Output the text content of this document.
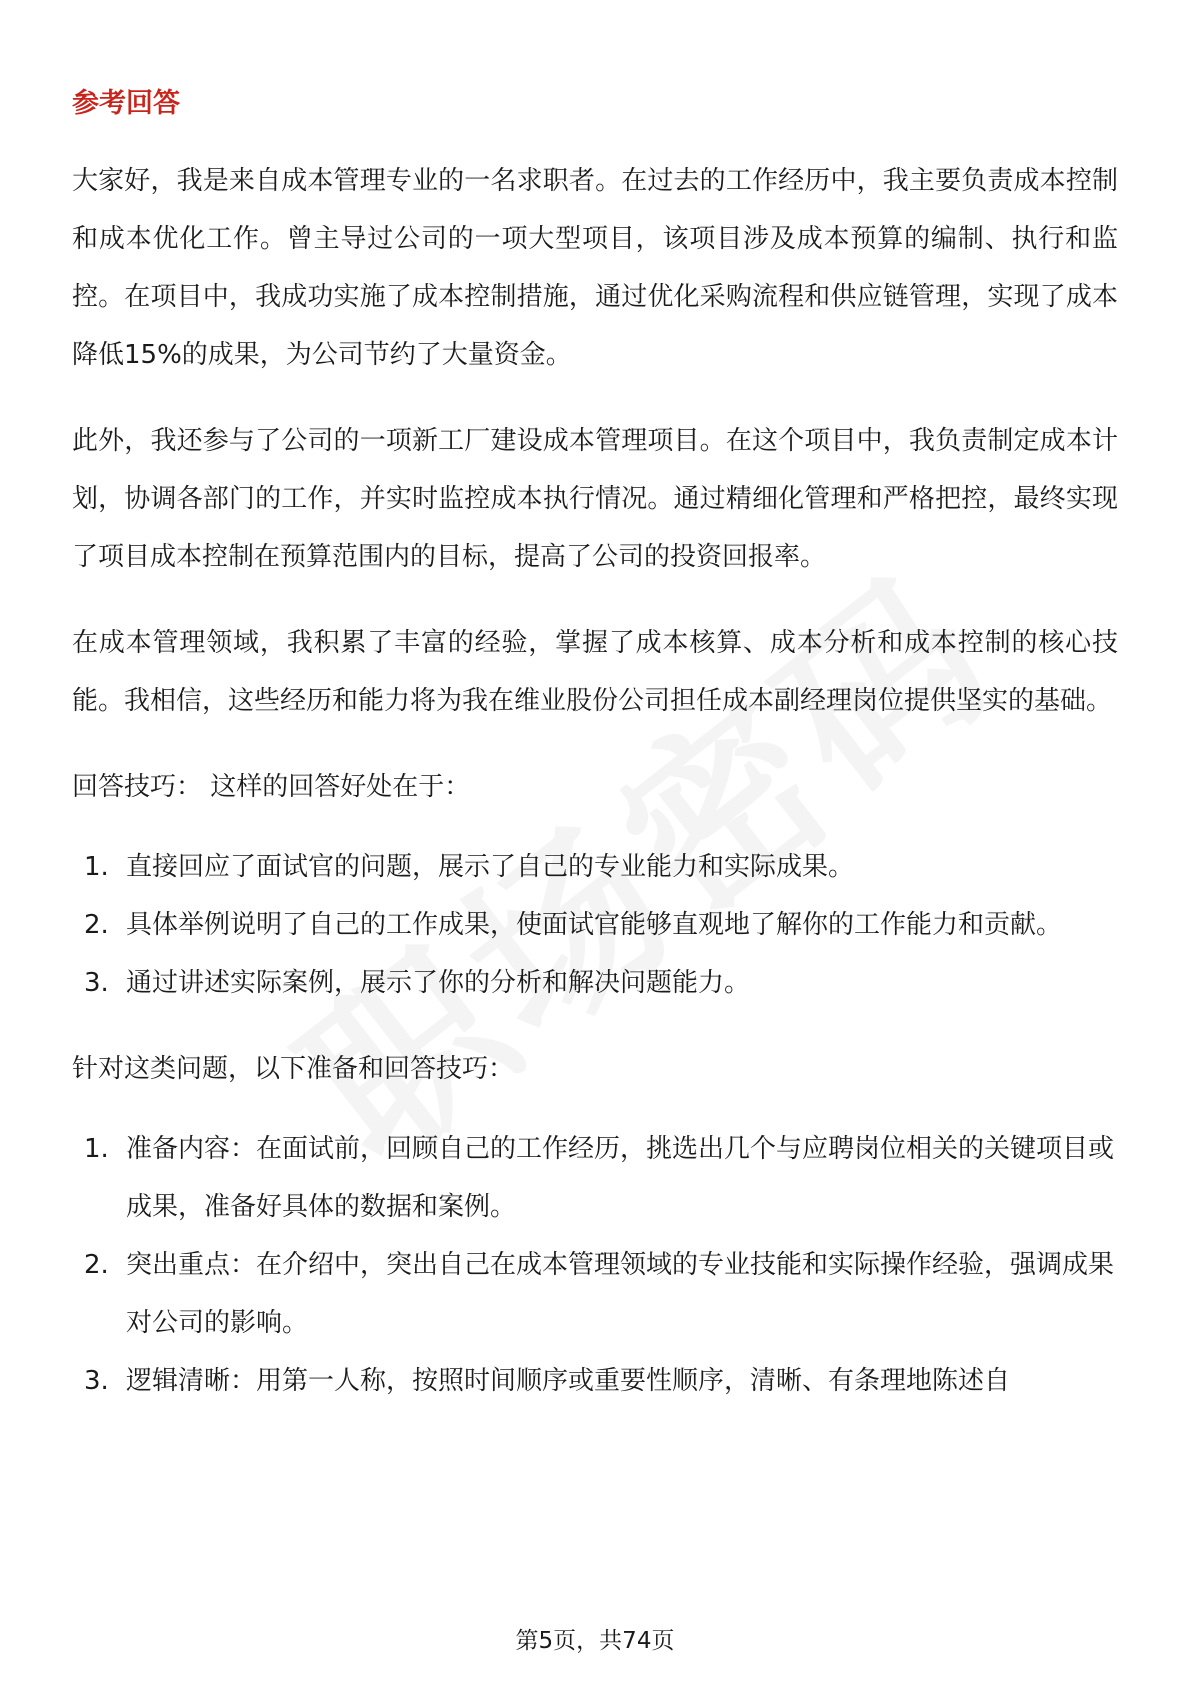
参考回答

大家好，我是来自成本管理专业的一名求职者。在过去的工作经历中，我主要负责成本控制和成本优化工作。曾主导过公司的一项大型项目，该项目涉及成本预算的编制、执行和监控。在项目中，我成功实施了成本控制措施，通过优化采购流程和供应链管理，实现了成本降低15%的成果，为公司节约了大量资金。

此外，我还参与了公司的一项新工厂建设成本管理项目。在这个项目中，我负责制定成本计划，协调各部门的工作，并实时监控成本执行情况。通过精细化管理和严格把控，最终实现了项目成本控制在预算范围内的目标，提高了公司的投资回报率。

在成本管理领域，我积累了丰富的经验，掌握了成本核算、成本分析和成本控制的核心技能。我相信，这些经历和能力将为我在维业股份公司担任成本副经理岗位提供坚实的基础。

回答技巧： 这样的回答好处在于：

1. 直接回应了面试官的问题，展示了自己的专业能力和实际成果。
2. 具体举例说明了自己的工作成果，使面试官能够直观地了解你的工作能力和贡献。
3. 通过讲述实际案例，展示了你的分析和解决问题能力。

针对这类问题，以下准备和回答技巧：

1. 准备内容：在面试前，回顾自己的工作经历，挑选出几个与应聘岗位相关的关键项目或成果，准备好具体的数据和案例。
2. 突出重点：在介绍中，突出自己在成本管理领域的专业技能和实际操作经验，强调成果对公司的影响。
3. 逻辑清晰：用第一人称，按照时间顺序或重要性顺序，清晰、有条理地陈述自
第5页，共74页
